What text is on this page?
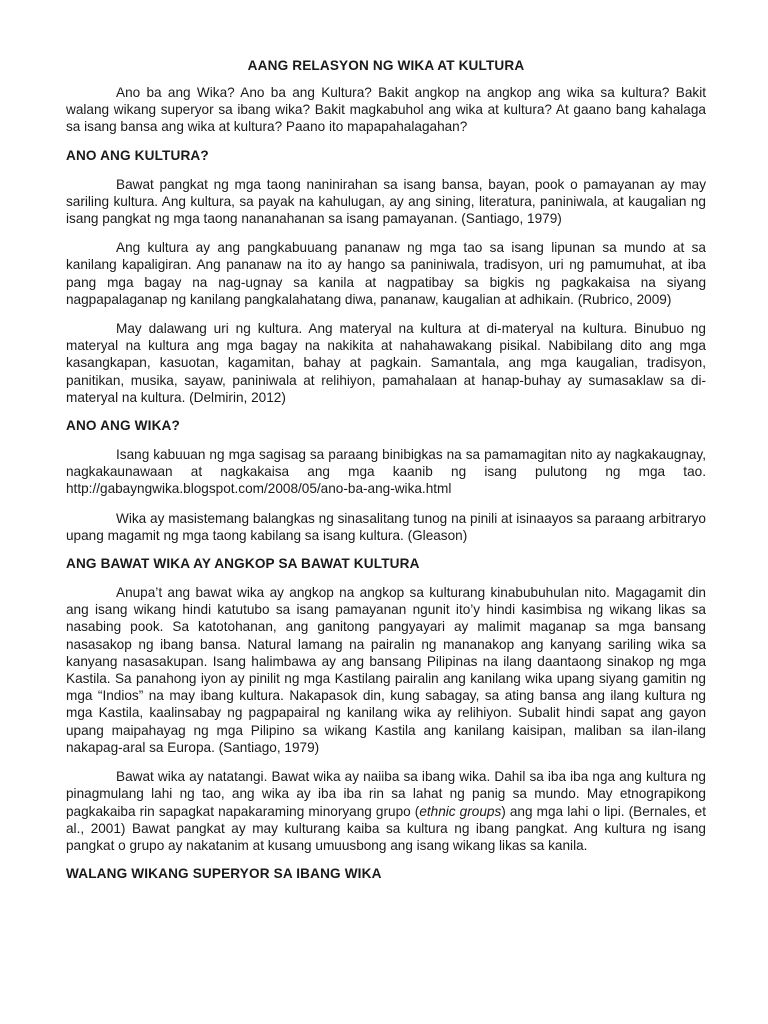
AANG RELASYON NG WIKA AT KULTURA

Ano ba ang Wika? Ano ba ang Kultura? Bakit angkop na angkop ang wika sa kultura? Bakit walang wikang superyor sa ibang wika? Bakit magkabuhol ang wika at kultura? At gaano bang kahalaga sa isang bansa ang wika at kultura? Paano ito mapapahalagahan?

ANO ANG KULTURA?

Bawat pangkat ng mga taong naninirahan sa isang bansa, bayan, pook o pamayanan ay may sariling kultura. Ang kultura, sa payak na kahulugan, ay ang sining, literatura, paniniwala, at kaugalian ng isang pangkat ng mga taong nananahanan sa isang pamayanan. (Santiago, 1979)

Ang kultura ay ang pangkabuuang pananaw ng mga tao sa isang lipunan sa mundo at sa kanilang kapaligiran. Ang pananaw na ito ay hango sa paniniwala, tradisyon, uri ng pamumuhat, at iba pang mga bagay na nag-ugnay sa kanila at nagpatibay sa bigkis ng pagkakaisa na siyang nagpapalaganap ng kanilang pangkalahatang diwa, pananaw, kaugalian at adhikain. (Rubrico, 2009)

May dalawang uri ng kultura. Ang materyal na kultura at di-materyal na kultura. Binubuo ng materyal na kultura ang mga bagay na nakikita at nahahawakang pisikal. Nabibilang dito ang mga kasangkapan, kasuotan, kagamitan, bahay at pagkain. Samantala, ang mga kaugalian, tradisyon, panitikan, musika, sayaw, paniniwala at relihiyon, pamahalaan at hanap-buhay ay sumasaklaw sa di-materyal na kultura. (Delmirin, 2012)

ANO ANG WIKA?

Isang kabuuan ng mga sagisag sa paraang binibigkas na sa pamamagitan nito ay nagkakaugnay, nagkakaunawaan at nagkakaisa ang mga kaanib ng isang pulutong ng mga tao. http://gabayngwika.blogspot.com/2008/05/ano-ba-ang-wika.html

Wika ay masistemang balangkas ng sinasalitang tunog na pinili at isinaayos sa paraang arbitraryo upang magamit ng mga taong kabilang sa isang kultura. (Gleason)

ANG BAWAT WIKA AY ANGKOP SA BAWAT KULTURA

Anupa’t ang bawat wika ay angkop na angkop sa kulturang kinabubuhulan nito. Magagamit din ang isang wikang hindi katutubo sa isang pamayanan ngunit ito’y hindi kasimbisa ng wikang likas sa nasabing pook. Sa katotohanan, ang ganitong pangyayari ay malimit maganap sa mga bansang nasasakop ng ibang bansa. Natural lamang na pairalin ng mananakop ang kanyang sariling wika sa kanyang nasasakupan. Isang halimbawa ay ang bansang Pilipinas na ilang daantaong sinakop ng mga Kastila. Sa panahong iyon ay pinilit ng mga Kastilang pairalin ang kanilang wika upang siyang gamitin ng mga “Indios” na may ibang kultura. Nakapasok din, kung sabagay, sa ating bansa ang ilang kultura ng mga Kastila, kaalinsabay ng pagpapairal ng kanilang wika ay relihiyon. Subalit hindi sapat ang gayon upang maipahayag ng mga Pilipino sa wikang Kastila ang kanilang kaisipan, maliban sa ilan-ilang nakapag-aral sa Europa. (Santiago, 1979)

Bawat wika ay natatangi. Bawat wika ay naiiba sa ibang wika. Dahil sa iba iba nga ang kultura ng pinagmulang lahi ng tao, ang wika ay iba iba rin sa lahat ng panig sa mundo. May etnograpikong pagkakaiba rin sapagkat napakaraming minoryang grupo (ethnic groups) ang mga lahi o lipi. (Bernales, et al., 2001) Bawat pangkat ay may kulturang kaiba sa kultura ng ibang pangkat. Ang kultura ng isang pangkat o grupo ay nakatanim at kusang umuusbong ang isang wikang likas sa kanila.

WALANG WIKANG SUPERYOR SA IBANG WIKA
